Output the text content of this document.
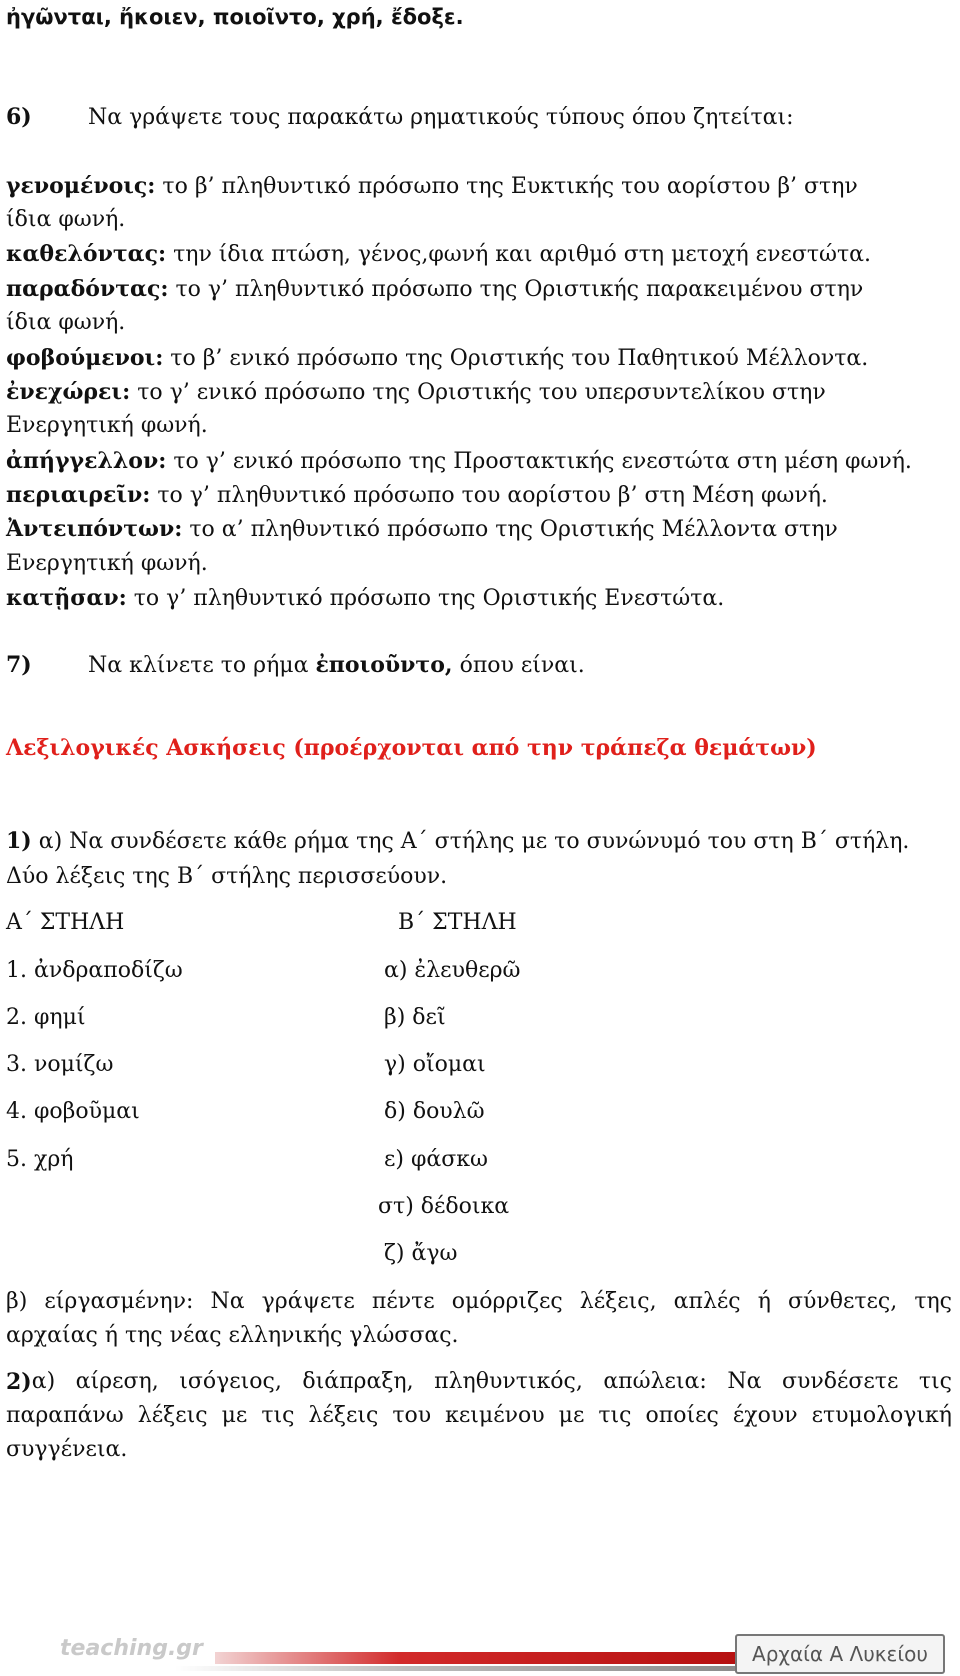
ἠγῶνται, ἤκοιεν, ποιοῖντο, χρή, ἔδοξε.
6)	Να γράψετε τους παρακάτω ρηματικούς τύπους όπου ζητείται:
γενομένοις: το β’ πληθυντικό πρόσωπο της Ευκτικής του αορίστου β’ στην
ίδια φωνή.
καθελόντας: την ίδια πτώση, γένος,φωνή και αριθμό στη μετοχή ενεστώτα.
παραδόντας: το γ’ πληθυντικό πρόσωπο της Οριστικής παρακειμένου στην
ίδια φωνή.
φοβούμενοι: το β’ ενικό πρόσωπο της Οριστικής του Παθητικού Μέλλοντα.
ἐνεχώρει: το γ’ ενικό πρόσωπο της Οριστικής του υπερσυντελίκου στην
Ενεργητική φωνή.
ἀπήγγελλον: το γ’ ενικό πρόσωπο της Προστακτικής ενεστώτα στη μέση φωνή.
περιαιρεῖν: το γ’ πληθυντικό πρόσωπο του αορίστου β’ στη Μέση φωνή.
Ἀντειπόντων: το α’ πληθυντικό πρόσωπο της Οριστικής Μέλλοντα στην
Ενεργητική φωνή.
κατῇσαν: το γ’ πληθυντικό πρόσωπο της Οριστικής Ενεστώτα.
7)	Να κλίνετε το ρήμα ἐποιοῦντο, όπου είναι.
Λεξιλογικές Ασκήσεις (προέρχονται από την τράπεζα θεμάτων)
1) α) Να συνδέσετε κάθε ρήμα της Α΄ στήλης με το συνώνυμό του στη Β΄ στήλη.
Δύο λέξεις της Β΄ στήλης περισσεύουν.
Α΄ ΣΤΗΛΗ	Β΄ ΣΤΗΛΗ
1. ἀνδραποδίζω	α) ἐλευθερῶ
2. φημί	β) δεῖ
3. νομίζω	γ) οἴομαι
4. φοβοῦμαι	δ) δουλῶ
5. χρή	ε) φάσκω
στ) δέδοικα
ζ) ἄγω
β) είργασμένην: Να γράψετε πέντε ομόρριζες λέξεις, απλές ή σύνθετες, της
αρχαίας ή της νέας ελληνικής γλώσσας.
2) α) αίρεση, ισόγειος, διάπραξη, πληθυντικός, απώλεια: Να συνδέσετε τις
παραπάνω λέξεις με τις λέξεις του κειμένου με τις οποίες έχουν ετυμολογική
συγγένεια.
teaching.gr	Αρχαία Α Λυκείου
